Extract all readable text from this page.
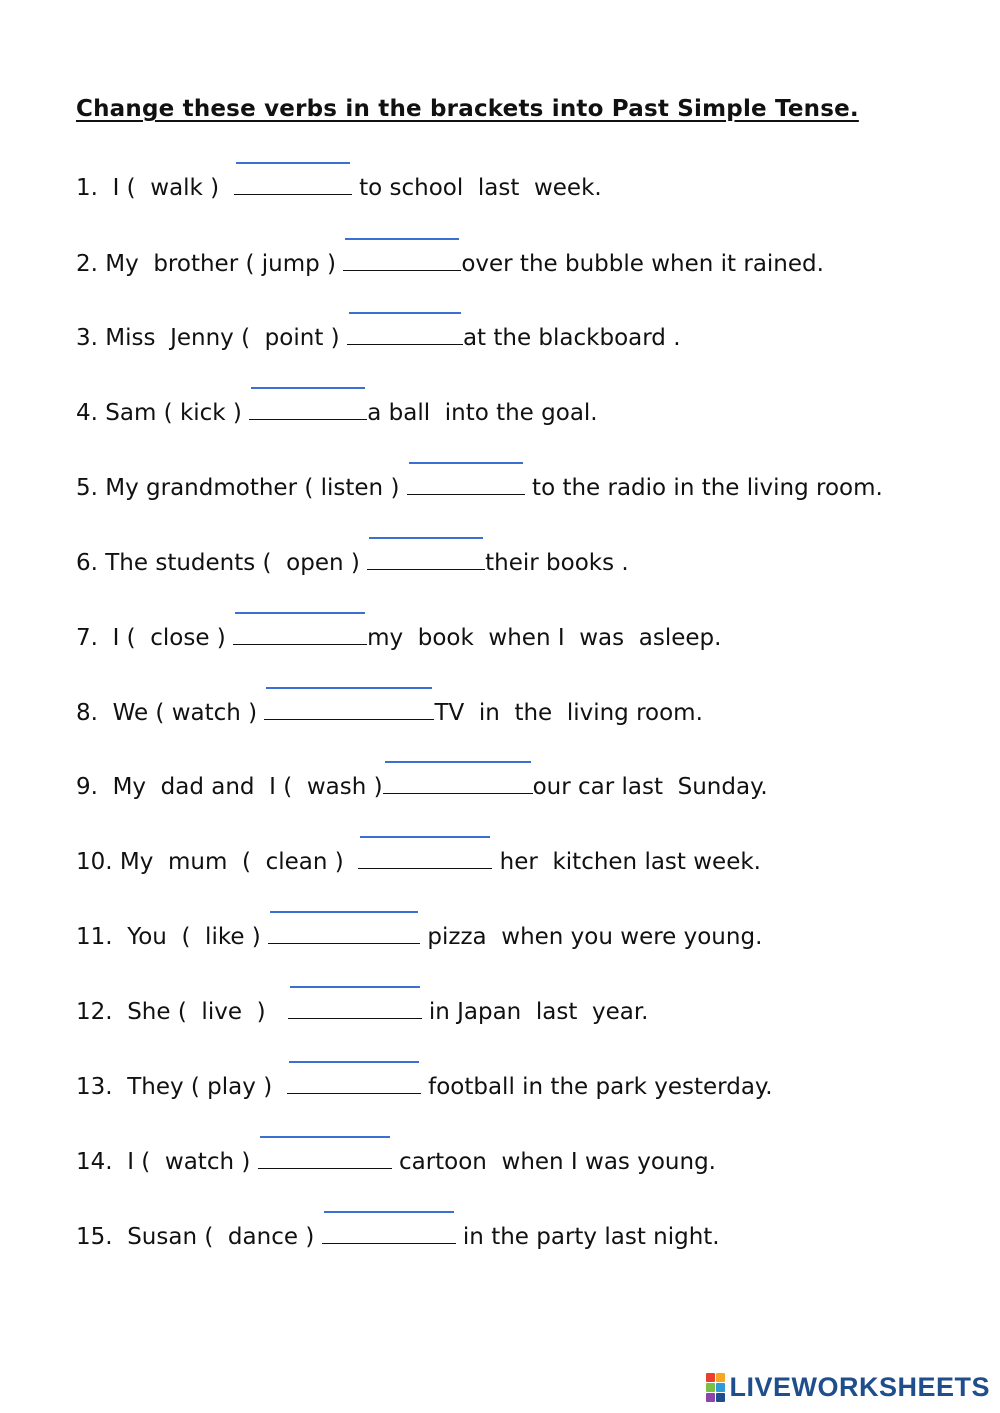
Change these verbs in the brackets into Past Simple Tense.
1.  I (  walk )	to school  last  week.
2. My  brother ( jump )	over the bubble when it rained.
3. Miss  Jenny (  point )	at the blackboard .
4. Sam ( kick )	a ball  into the goal.
5. My grandmother ( listen )	to the radio in the living room.
6. The students (  open )	their books .
7.  I (  close )	my  book  when I  was  asleep.
8.  We ( watch )	TV  in  the  living room.
9.  My  dad and  I (  wash )	our car last  Sunday.
10. My  mum  (  clean )	her  kitchen last week.
11.  You  (  like )	pizza  when you were young.
12.  She (  live  )	in Japan  last  year.
13.  They ( play )	football in the park yesterday.
14.  I (  watch )	cartoon  when I was young.
15.  Susan (  dance )	in the party last night.
LIVEWORKSHEETS
